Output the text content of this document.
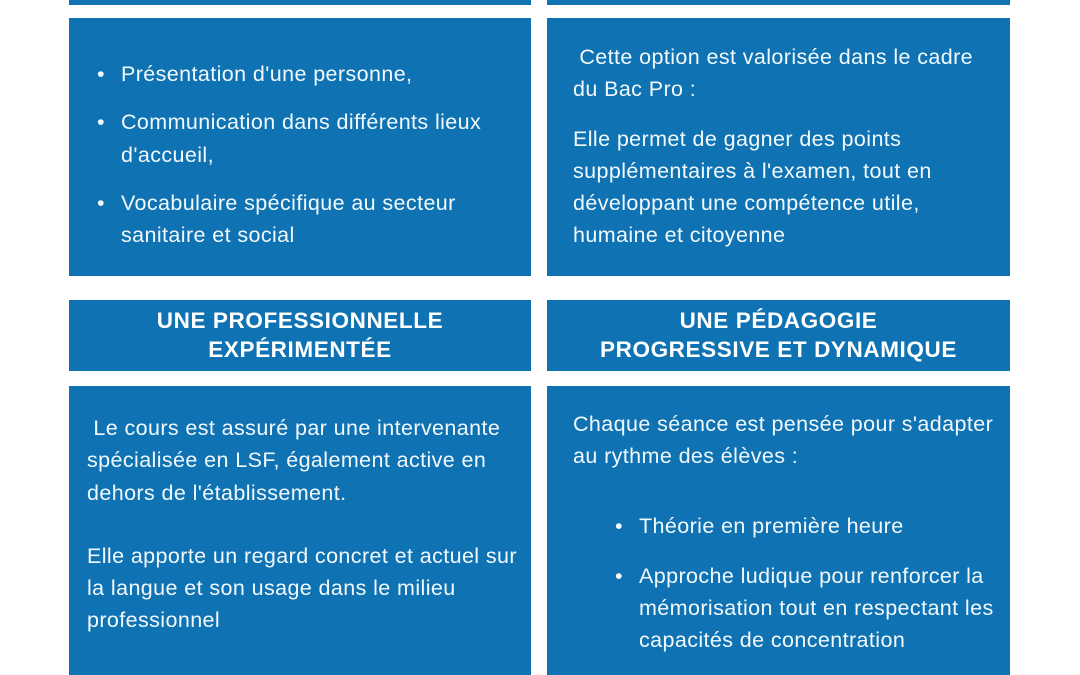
• Présentation d'une personne,
• Communication dans différents lieux d'accueil,
• Vocabulaire spécifique au secteur sanitaire et social

Cette option est valorisée dans le cadre du Bac Pro :

Elle permet de gagner des points supplémentaires à l'examen, tout en développant une compétence utile, humaine et citoyenne

UNE PROFESSIONNELLE
EXPÉRIMENTÉE
UNE PÉDAGOGIE
PROGRESSIVE ET DYNAMIQUE

Le cours est assuré par une intervenante spécialisée en LSF, également active en dehors de l'établissement.

Elle apporte un regard concret et actuel sur la langue et son usage dans le milieu professionnel

Chaque séance est pensée pour s'adapter au rythme des élèves :

• Théorie en première heure
• Approche ludique pour renforcer la mémorisation tout en respectant les capacités de concentration
